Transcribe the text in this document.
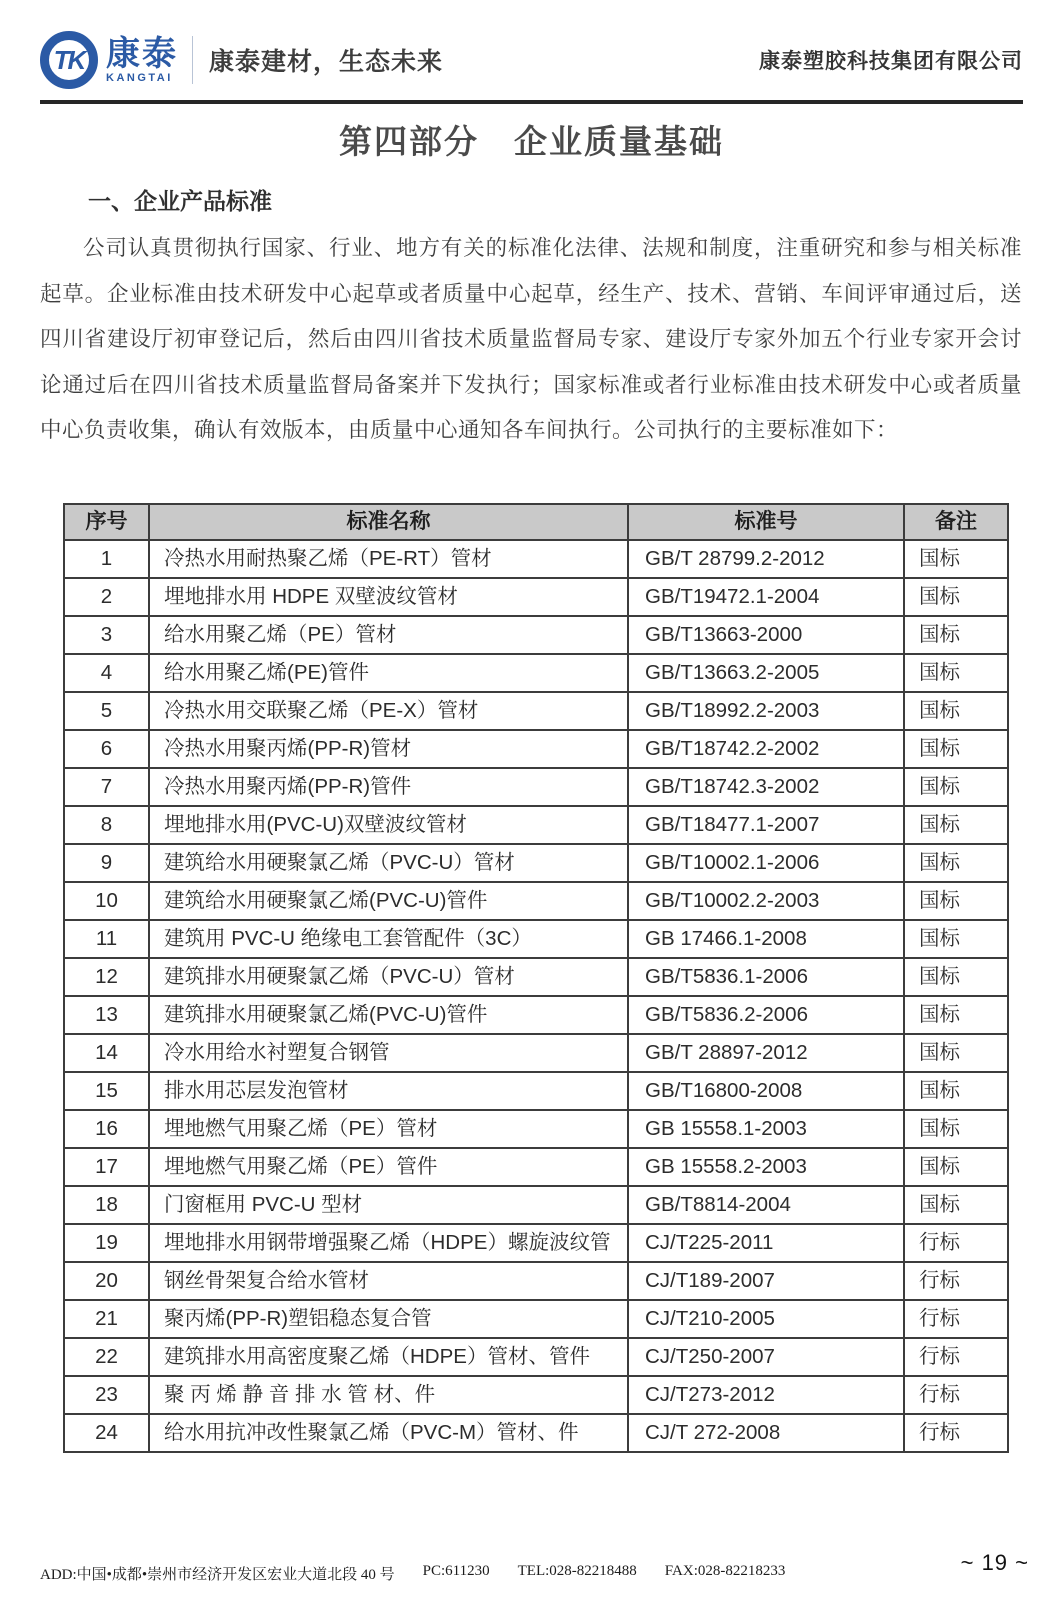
TK 康泰
KANGTAI
康泰建材，生态未来	康泰塑胶科技集团有限公司
第四部分　企业质量基础
一、企业产品标准
公司认真贯彻执行国家、行业、地方有关的标准化法律、法规和制度，注重研究和参与相关标准起草。企业标准由技术研发中心起草或者质量中心起草，经生产、技术、营销、车间评审通过后，送四川省建设厅初审登记后，然后由四川省技术质量监督局专家、建设厅专家外加五个行业专家开会讨论通过后在四川省技术质量监督局备案并下发执行；国家标准或者行业标准由技术研发中心或者质量中心负责收集，确认有效版本，由质量中心通知各车间执行。公司执行的主要标准如下：
序号	标准名称	标准号	备注
1	冷热水用耐热聚乙烯（PE-RT）管材	GB/T 28799.2-2012	国标
2	埋地排水用 HDPE 双壁波纹管材	GB/T19472.1-2004	国标
3	给水用聚乙烯（PE）管材	GB/T13663-2000	国标
4	给水用聚乙烯(PE)管件	GB/T13663.2-2005	国标
5	冷热水用交联聚乙烯（PE-X）管材	GB/T18992.2-2003	国标
6	冷热水用聚丙烯(PP-R)管材	GB/T18742.2-2002	国标
7	冷热水用聚丙烯(PP-R)管件	GB/T18742.3-2002	国标
8	埋地排水用(PVC-U)双壁波纹管材	GB/T18477.1-2007	国标
9	建筑给水用硬聚氯乙烯（PVC-U）管材	GB/T10002.1-2006	国标
10	建筑给水用硬聚氯乙烯(PVC-U)管件	GB/T10002.2-2003	国标
11	建筑用 PVC-U 绝缘电工套管配件（3C）	GB 17466.1-2008	国标
12	建筑排水用硬聚氯乙烯（PVC-U）管材	GB/T5836.1-2006	国标
13	建筑排水用硬聚氯乙烯(PVC-U)管件	GB/T5836.2-2006	国标
14	冷水用给水衬塑复合钢管	GB/T 28897-2012	国标
15	排水用芯层发泡管材	GB/T16800-2008	国标
16	埋地燃气用聚乙烯（PE）管材	GB 15558.1-2003	国标
17	埋地燃气用聚乙烯（PE）管件	GB 15558.2-2003	国标
18	门窗框用 PVC-U 型材	GB/T8814-2004	国标
19	埋地排水用钢带增强聚乙烯（HDPE）螺旋波纹管	CJ/T225-2011	行标
20	钢丝骨架复合给水管材	CJ/T189-2007	行标
21	聚丙烯(PP-R)塑铝稳态复合管	CJ/T210-2005	行标
22	建筑排水用高密度聚乙烯（HDPE）管材、管件	CJ/T250-2007	行标
23	聚 丙 烯 静 音 排 水 管 材、件	CJ/T273-2012	行标
24	给水用抗冲改性聚氯乙烯（PVC-M）管材、件	CJ/T 272-2008	行标
ADD:中国•成都•崇州市经济开发区宏业大道北段 40 号 PC:611230 TEL:028-82218488 FAX:028-82218233	~ 19 ~
